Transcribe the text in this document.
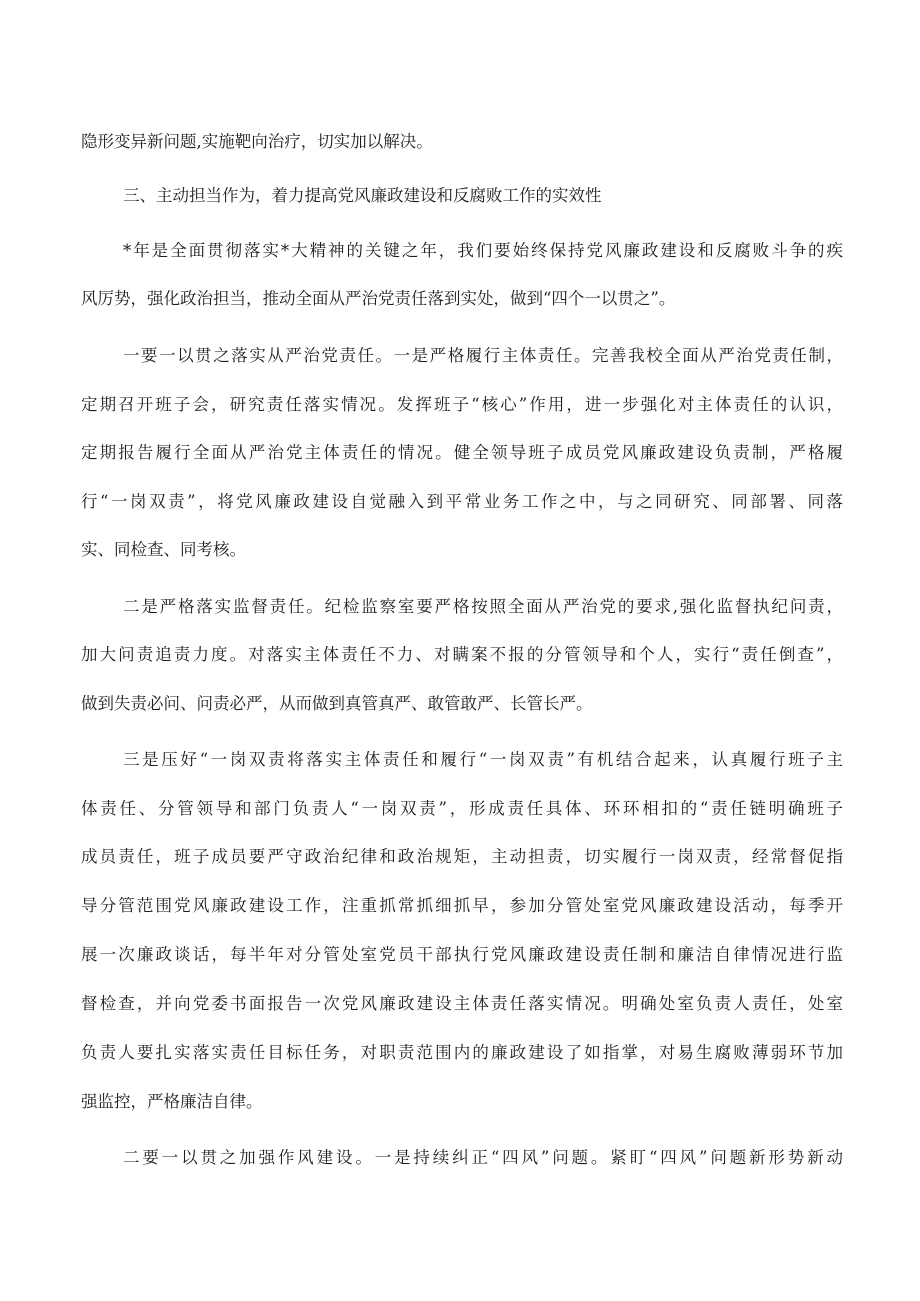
隐形变异新问题,实施靶向治疗，切实加以解决。
三、主动担当作为，着力提高党风廉政建设和反腐败工作的实效性
*年是全面贯彻落实*大精神的关键之年，我们要始终保持党风廉政建设和反腐败斗争的疾
风厉势，强化政治担当，推动全面从严治党责任落到实处，做到“四个一以贯之”。
一要一以贯之落实从严治党责任。一是严格履行主体责任。完善我校全面从严治党责任制，
定期召开班子会，研究责任落实情况。发挥班子“核心”作用，进一步强化对主体责任的认识，
定期报告履行全面从严治党主体责任的情况。健全领导班子成员党风廉政建设负责制，严格履
行“一岗双责”，将党风廉政建设自觉融入到平常业务工作之中，与之同研究、同部署、同落
实、同检查、同考核。
二是严格落实监督责任。纪检监察室要严格按照全面从严治党的要求,强化监督执纪问责，
加大问责追责力度。对落实主体责任不力、对瞒案不报的分管领导和个人，实行“责任倒查”，
做到失责必问、问责必严，从而做到真管真严、敢管敢严、长管长严。
三是压好“一岗双责将落实主体责任和履行“一岗双责”有机结合起来，认真履行班子主
体责任、分管领导和部门负责人“一岗双责”，形成责任具体、环环相扣的“责任链明确班子
成员责任，班子成员要严守政治纪律和政治规矩，主动担责，切实履行一岗双责，经常督促指
导分管范围党风廉政建设工作，注重抓常抓细抓早，参加分管处室党风廉政建设活动，每季开
展一次廉政谈话，每半年对分管处室党员干部执行党风廉政建设责任制和廉洁自律情况进行监
督检查，并向党委书面报告一次党风廉政建设主体责任落实情况。明确处室负责人责任，处室
负责人要扎实落实责任目标任务，对职责范围内的廉政建设了如指掌，对易生腐败薄弱环节加
强监控，严格廉洁自律。
二要一以贯之加强作风建设。一是持续纠正“四风”问题。紧盯“四风”问题新形势新动
